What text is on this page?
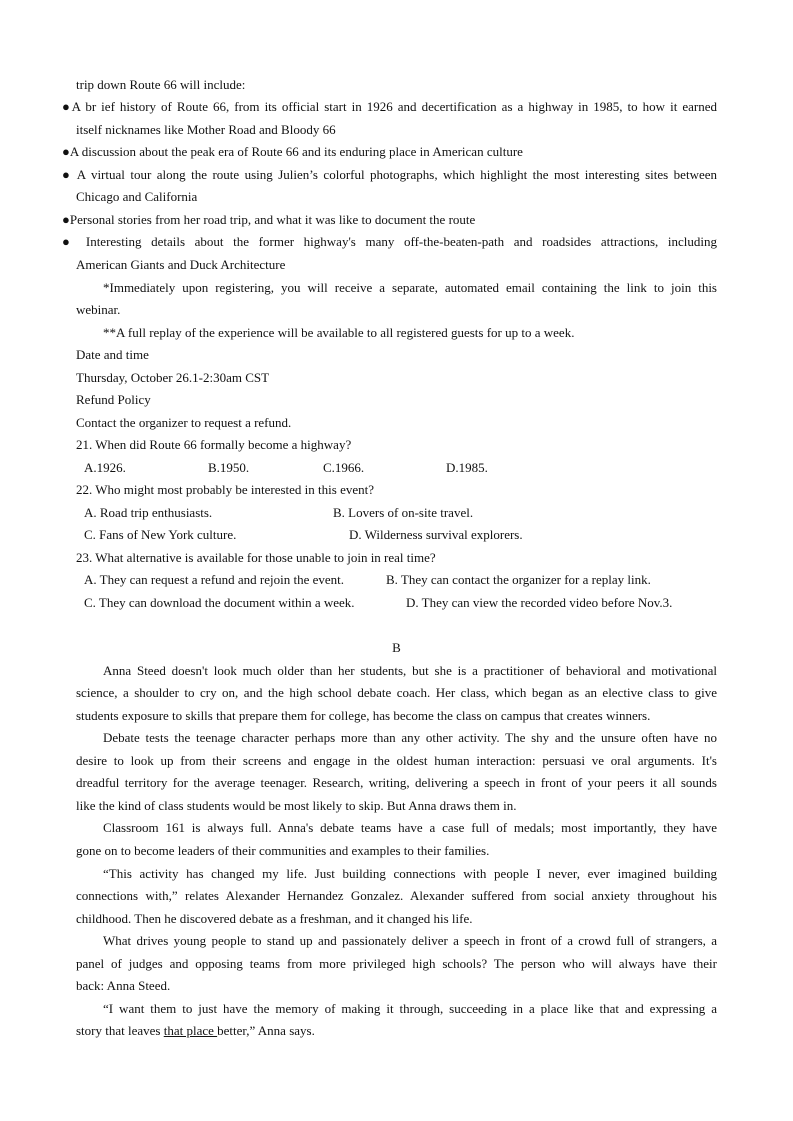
trip down Route 66 will include:
●A br ief history of Route 66, from its official start in 1926 and decertification as a highway in 1985, to how it earned
itself nicknames like Mother Road and Bloody 66
●A discussion about the peak era of Route 66 and its enduring place in American culture
● A virtual tour along the route using Julien’s colorful photographs, which highlight the most interesting sites between
Chicago and California
●Personal stories from her road trip, and what it was like to document the route
● Interesting details about the former highway's many off-the-beaten-path and roadsides attractions, including
American Giants and Duck Architecture
*Immediately upon registering, you will receive a separate, automated email containing the link to join this
webinar.
**A full replay of the experience will be available to all registered guests for up to a week.
Date and time
Thursday, October 26.1-2:30am CST
Refund Policy
Contact the organizer to request a refund.
21. When did Route 66 formally become a highway?
A.1926.	B.1950.	C.1966.	D.1985.
22. Who might most probably be interested in this event?
A. Road trip enthusiasts.	B. Lovers of on-site travel.
C. Fans of New York culture.	D. Wilderness survival explorers.
23. What alternative is available for those unable to join in real time?
A. They can request a refund and rejoin the event.	B. They can contact the organizer for a replay link.
C. They can download the document within a week.	D. They can view the recorded video before Nov.3.
B
Anna Steed doesn't look much older than her students, but she is a practitioner of behavioral and motivational
science, a shoulder to cry on, and the high school debate coach. Her class, which began as an elective class to give
students exposure to skills that prepare them for college, has become the class on campus that creates winners.
Debate tests the teenage character perhaps more than any other activity. The shy and the unsure often have no
desire to look up from their screens and engage in the oldest human interaction: persuasi ve oral arguments. It's
dreadful territory for the average teenager. Research, writing, delivering a speech in front of your peers it all sounds
like the kind of class students would be most likely to skip. But Anna draws them in.
Classroom 161 is always full. Anna's debate teams have a case full of medals; most importantly, they have
gone on to become leaders of their communities and examples to their families.
“This activity has changed my life. Just building connections with people I never, ever imagined building
connections with,” relates Alexander Hernandez Gonzalez. Alexander suffered from social anxiety throughout his
childhood. Then he discovered debate as a freshman, and it changed his life.
What drives young people to stand up and passionately deliver a speech in front of a crowd full of strangers, a
panel of judges and opposing teams from more privileged high schools? The person who will always have their
back: Anna Steed.
“I want them to just have the memory of making it through, succeeding in a place like that and expressing a
story that leaves that place better,” Anna says.
